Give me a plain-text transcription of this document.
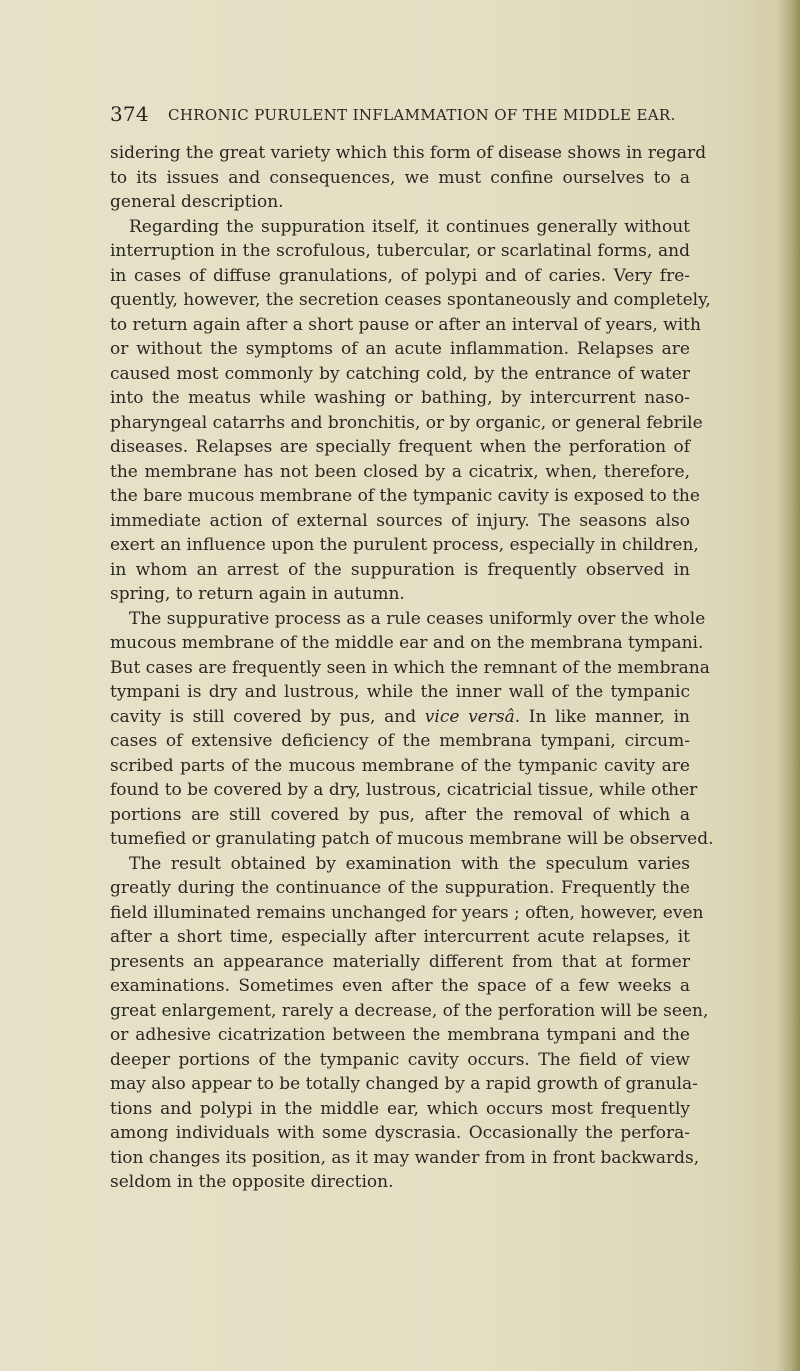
374 CHRONIC PURULENT INFLAMMATION OF THE MIDDLE EAR.
sidering the great variety which this form of disease shows in regard
to its issues and consequences, we must confine ourselves to a
general description.
Regarding the suppuration itself, it continues generally without
interruption in the scrofulous, tubercular, or scarlatinal forms, and
in cases of diffuse granulations, of polypi and of caries. Very fre-
quently, however, the secretion ceases spontaneously and completely,
to return again after a short pause or after an interval of years, with
or without the symptoms of an acute inflammation. Relapses are
caused most commonly by catching cold, by the entrance of water
into the meatus while washing or bathing, by intercurrent naso-
pharyngeal catarrhs and bronchitis, or by organic, or general febrile
diseases. Relapses are specially frequent when the perforation of
the membrane has not been closed by a cicatrix, when, therefore,
the bare mucous membrane of the tympanic cavity is exposed to the
immediate action of external sources of injury. The seasons also
exert an influence upon the purulent process, especially in children,
in whom an arrest of the suppuration is frequently observed in
spring, to return again in autumn.
The suppurative process as a rule ceases uniformly over the whole
mucous membrane of the middle ear and on the membrana tympani.
But cases are frequently seen in which the remnant of the membrana
tympani is dry and lustrous, while the inner wall of the tympanic
cavity is still covered by pus, and vice versâ. In like manner, in
cases of extensive deficiency of the membrana tympani, circum-
scribed parts of the mucous membrane of the tympanic cavity are
found to be covered by a dry, lustrous, cicatricial tissue, while other
portions are still covered by pus, after the removal of which a
tumefied or granulating patch of mucous membrane will be observed.
The result obtained by examination with the speculum varies
greatly during the continuance of the suppuration. Frequently the
field illuminated remains unchanged for years ; often, however, even
after a short time, especially after intercurrent acute relapses, it
presents an appearance materially different from that at former
examinations. Sometimes even after the space of a few weeks a
great enlargement, rarely a decrease, of the perforation will be seen,
or adhesive cicatrization between the membrana tympani and the
deeper portions of the tympanic cavity occurs. The field of view
may also appear to be totally changed by a rapid growth of granula-
tions and polypi in the middle ear, which occurs most frequently
among individuals with some dyscrasia. Occasionally the perfora-
tion changes its position, as it may wander from in front backwards,
seldom in the opposite direction.
